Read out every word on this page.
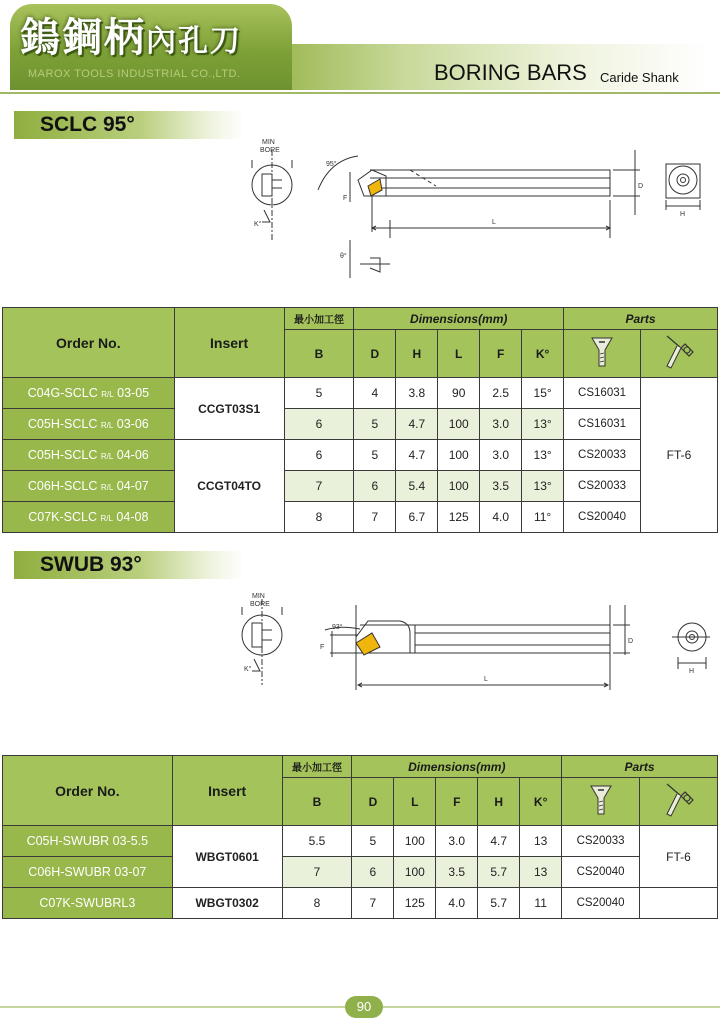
鎢鋼柄內孔刀
MAROX TOOLS INDUSTRIAL CO.,LTD.	BORING BARS Caride Shank
SCLC 95°
MIN
BORE
K°
95°
F
L
D
H
θ°
Order No.	Insert	最小加工徑	Dimensions(mm)					Parts	
		B	D	H	L	F	K°		
C04G-SCLC R/L 03-05	CCGT03S1	5	4	3.8	90	2.5	15°	CS16031	FT-6
C05H-SCLC R/L 03-06		6	5	4.7	100	3.0	13°	CS16031	
C05H-SCLC R/L 04-06	CCGT04TO	6	5	4.7	100	3.0	13°	CS20033	
C06H-SCLC R/L 04-07		7	6	5.4	100	3.5	13°	CS20033	
C07K-SCLC R/L 04-08		8	7	6.7	125	4.0	11°	CS20040	
SWUB 93°
MIN
BORE
K°
93°
F
L
D
H
Order No.	Insert	最小加工徑	Dimensions(mm)					Parts	
		B	D	L	F	H	K°		
C05H-SWUBR 03-5.5	WBGT0601	5.5	5	100	3.0	4.7	13	CS20033	FT-6
C06H-SWUBR 03-07		7	6	100	3.5	5.7	13	CS20040	
C07K-SWUBRL3	WBGT0302	8	7	125	4.0	5.7	11	CS20040	
90
